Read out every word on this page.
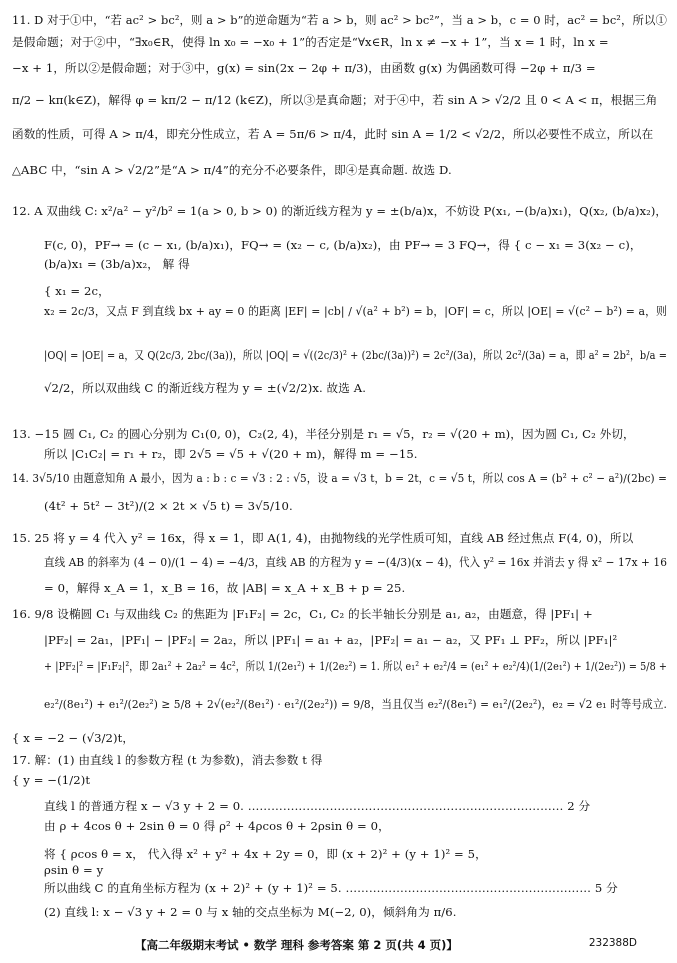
11. D 对于①中，“若 ac² > bc²，则 a > b”的逆命题为“若 a > b，则 ac² > bc²”，当 a > b，c = 0 时，ac² = bc²，所以①
是假命题；对于②中，“∃x₀∈R，使得 ln x₀ = −x₀ + 1”的否定是“∀x∈R，ln x ≠ −x + 1”，当 x = 1 时，ln x =
−x + 1，所以②是假命题；对于③中，g(x) = sin(2x − 2φ + π/3)，由函数 g(x) 为偶函数可得 −2φ + π/3 =
π/2 − kπ(k∈Z)，解得 φ = kπ/2 − π/12 (k∈Z)，所以③是真命题；对于④中，若 sin A > √2/2 且 0 < A < π，根据三角
函数的性质，可得 A > π/4，即充分性成立，若 A = 5π/6 > π/4，此时 sin A = 1/2 < √2/2，所以必要性不成立，所以在
△ABC 中，“sin A > √2/2”是“A > π/4”的充分不必要条件，即④是真命题. 故选 D.
12. A 双曲线 C: x²/a² − y²/b² = 1(a > 0, b > 0) 的渐近线方程为 y = ±(b/a)x，不妨设 P(x₁, −(b/a)x₁)，Q(x₂, (b/a)x₂)，
F(c, 0)，PF→ = (c − x₁, (b/a)x₁)，FQ→ = (x₂ − c, (b/a)x₂)，由 PF→ = 3 FQ→，得 { c − x₁ = 3(x₂ − c)，
(b/a)x₁ = (3b/a)x₂， 解 得
{ x₁ = 2c，
x₂ = 2c/3，又点 F 到直线 bx + ay = 0 的距离 |EF| = |cb| / √(a² + b²) = b，|OF| = c，所以 |OE| = √(c² − b²) = a，则
|OQ| = |OE| = a，又 Q(2c/3, 2bc/(3a))，所以 |OQ| = √((2c/3)² + (2bc/(3a))²) = 2c²/(3a)，所以 2c²/(3a) = a，即 a² = 2b²，b/a =
√2/2，所以双曲线 C 的渐近线方程为 y = ±(√2/2)x. 故选 A.
13. −15 圆 C₁, C₂ 的圆心分别为 C₁(0, 0)，C₂(2, 4)，半径分别是 r₁ = √5，r₂ = √(20 + m)，因为圆 C₁, C₂ 外切，
所以 |C₁C₂| = r₁ + r₂，即 2√5 = √5 + √(20 + m)，解得 m = −15.
14. 3√5/10 由题意知角 A 最小，因为 a : b : c = √3 : 2 : √5，设 a = √3 t，b = 2t，c = √5 t，所以 cos A = (b² + c² − a²)/(2bc) =
(4t² + 5t² − 3t²)/(2 × 2t × √5 t) = 3√5/10.
15. 25 将 y = 4 代入 y² = 16x，得 x = 1，即 A(1, 4)，由抛物线的光学性质可知，直线 AB 经过焦点 F(4, 0)，所以
直线 AB 的斜率为 (4 − 0)/(1 − 4) = −4/3，直线 AB 的方程为 y = −(4/3)(x − 4)，代入 y² = 16x 并消去 y 得 x² − 17x + 16
= 0，解得 x_A = 1，x_B = 16，故 |AB| = x_A + x_B + p = 25.
16. 9/8 设椭圆 C₁ 与双曲线 C₂ 的焦距为 |F₁F₂| = 2c，C₁, C₂ 的长半轴长分别是 a₁, a₂，由题意，得 |PF₁| +
|PF₂| = 2a₁，|PF₁| − |PF₂| = 2a₂，所以 |PF₁| = a₁ + a₂，|PF₂| = a₁ − a₂，又 PF₁ ⊥ PF₂，所以 |PF₁|²
+ |PF₂|² = |F₁F₂|²，即 2a₁² + 2a₂² = 4c²，所以 1/(2e₁²) + 1/(2e₂²) = 1. 所以 e₁² + e₂²/4 = (e₁² + e₂²/4)(1/(2e₁²) + 1/(2e₂²)) = 5/8 +
e₂²/(8e₁²) + e₁²/(2e₂²) ≥ 5/8 + 2√(e₂²/(8e₁²) · e₁²/(2e₂²)) = 9/8，当且仅当 e₂²/(8e₁²) = e₁²/(2e₂²)，e₂ = √2 e₁ 时等号成立.
{ x = −2 − (√3/2)t，
17. 解：(1) 由直线 l 的参数方程 (t 为参数)，消去参数 t 得
{ y = −(1/2)t
直线 l 的普通方程 x − √3 y + 2 = 0. ……………………………………………………………………… 2 分
由 ρ + 4cos θ + 2sin θ = 0 得 ρ² + 4ρcos θ + 2ρsin θ = 0，
将 { ρcos θ = x， 代入得 x² + y² + 4x + 2y = 0，即 (x + 2)² + (y + 1)² = 5，
ρsin θ = y
所以曲线 C 的直角坐标方程为 (x + 2)² + (y + 1)² = 5. ……………………………………………………… 5 分
(2) 直线 l: x − √3 y + 2 = 0 与 x 轴的交点坐标为 M(−2, 0)，倾斜角为 π/6.
【高二年级期末考试 • 数学 理科 参考答案 第 2 页(共 4 页)】	232388D
